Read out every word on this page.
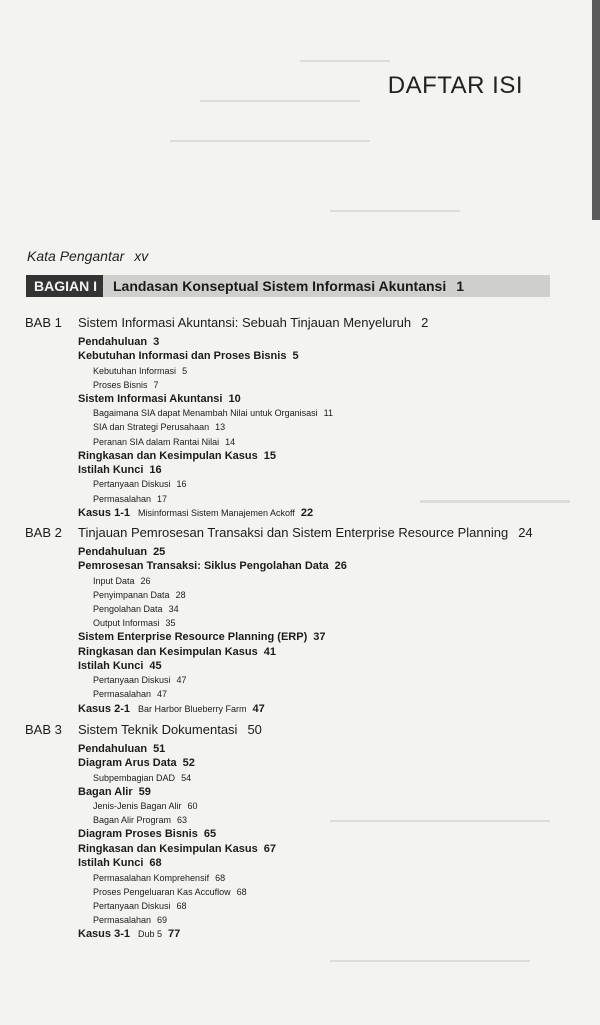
DAFTAR ISI
Kata Pengantar xv
BAGIAN I	Landasan Konseptual Sistem Informasi Akuntansi 1
BAB 1 Sistem Informasi Akuntansi: Sebuah Tinjauan Menyeluruh 2
Pendahuluan 3
Kebutuhan Informasi dan Proses Bisnis 5
Kebutuhan Informasi 5
Proses Bisnis 7
Sistem Informasi Akuntansi 10
Bagaimana SIA dapat Menambah Nilai untuk Organisasi 11
SIA dan Strategi Perusahaan 13
Peranan SIA dalam Rantai Nilai 14
Ringkasan dan Kesimpulan Kasus 15
Istilah Kunci 16
Pertanyaan Diskusi 16
Permasalahan 17
Kasus 1-1 Misinformasi Sistem Manajemen Ackoff 22
BAB 2 Tinjauan Pemrosesan Transaksi dan Sistem Enterprise Resource Planning 24
Pendahuluan 25
Pemrosesan Transaksi: Siklus Pengolahan Data 26
Input Data 26
Penyimpanan Data 28
Pengolahan Data 34
Output Informasi 35
Sistem Enterprise Resource Planning (ERP) 37
Ringkasan dan Kesimpulan Kasus 41
Istilah Kunci 45
Pertanyaan Diskusi 47
Permasalahan 47
Kasus 2-1 Bar Harbor Blueberry Farm 47
BAB 3 Sistem Teknik Dokumentasi 50
Pendahuluan 51
Diagram Arus Data 52
Subpembagian DAD 54
Bagan Alir 59
Jenis-Jenis Bagan Alir 60
Bagan Alir Program 63
Diagram Proses Bisnis 65
Ringkasan dan Kesimpulan Kasus 67
Istilah Kunci 68
Permasalahan Komprehensif 68
Proses Pengeluaran Kas Accuflow 68
Pertanyaan Diskusi 68
Permasalahan 69
Kasus 3-1 Dub 5 77
